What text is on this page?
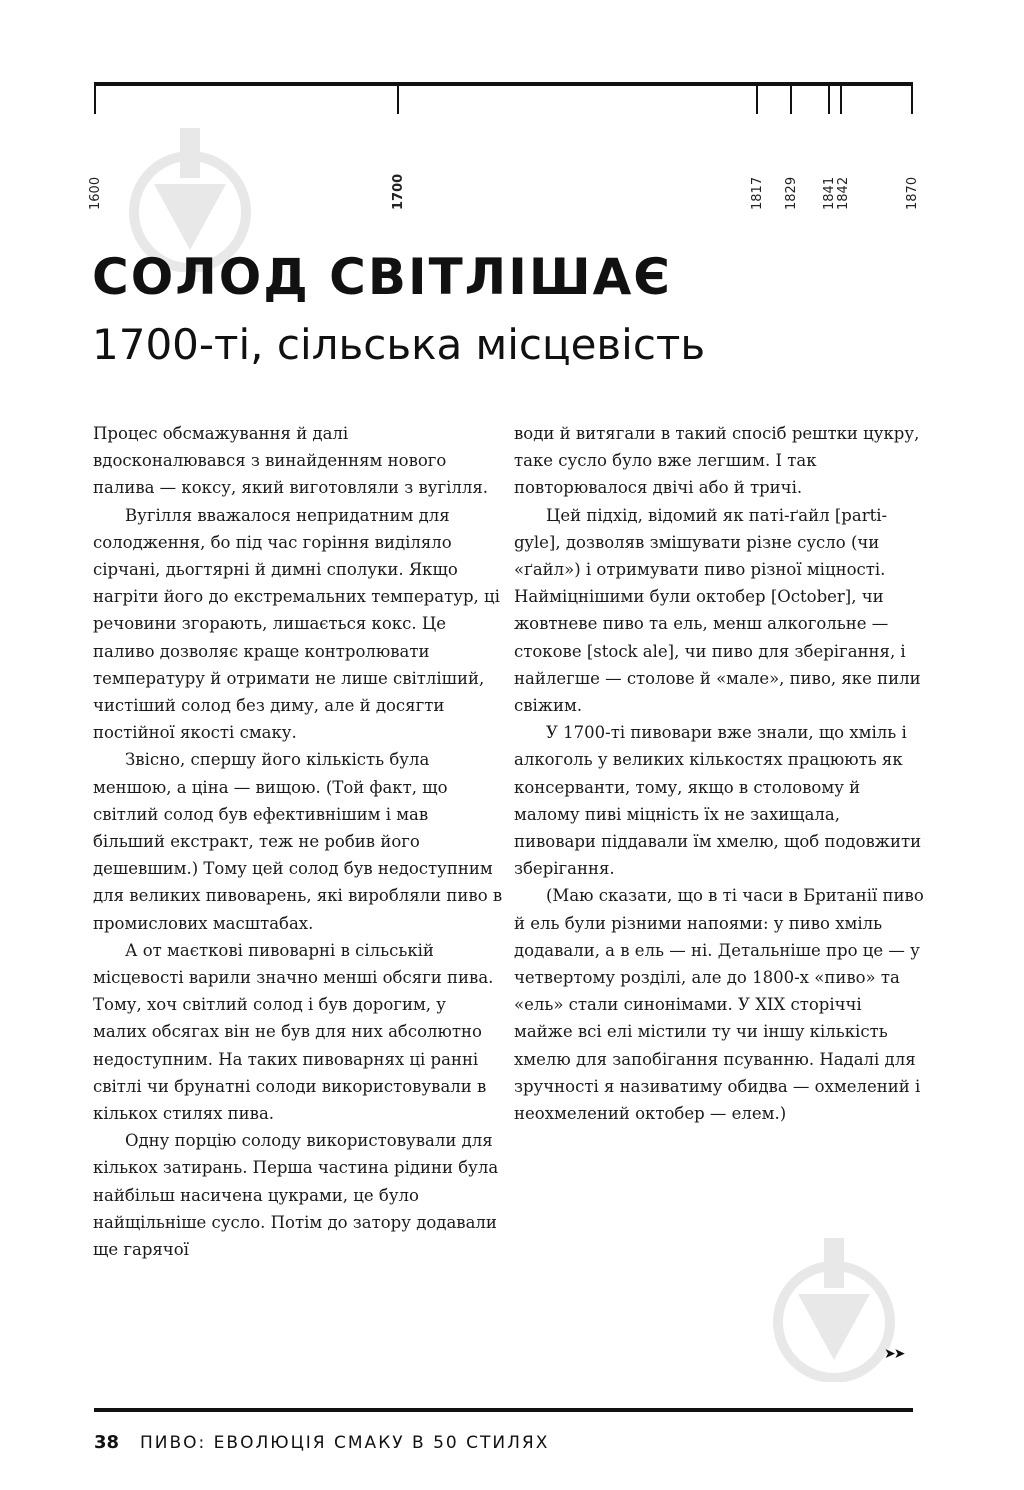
1600	1700	1817 1829 1841 1842	1870
СОЛОД СВІТЛІШАЄ
1700-ті, сільська місцевість

Процес обсмажування й далі вдосконалювався з винайденням нового палива — коксу, який виготовляли з вугілля.

Вугілля вважалося непридатним для солодження, бо під час горіння виділяло сірчані, дьогтярні й димні сполуки. Якщо нагріти його до екстремальних температур, ці речовини згорають, лишається кокс. Це паливо дозволяє краще контролювати температуру й отримати не лише світліший, чистіший солод без диму, але й досягти постійної якості смаку.

Звісно, спершу його кількість була меншою, а ціна — вищою. (Той факт, що світлий солод був ефективнішим і мав більший екстракт, теж не робив його дешевшим.) Тому цей солод був недоступним для великих пивоварень, які виробляли пиво в промислових масштабах.

А от маєткові пивоварні в сільській місцевості варили значно менші обсяги пива. Тому, хоч світлий солод і був дорогим, у малих обсягах він не був для них абсолютно недоступним. На таких пивоварнях ці ранні світлі чи брунатні солоди використовували в кількох стилях пива.

Одну порцію солоду використовували для кількох затирань. Перша частина рідини була найбільш насичена цукрами, це було найщільніше сусло. Потім до затору додавали ще гарячої

води й витягали в такий спосіб рештки цукру, таке сусло було вже легшим. І так повторювалося двічі або й тричі.

Цей підхід, відомий як паті-ґайл [parti-gyle], дозволяв змішувати різне сусло (чи «ґайл») і отримувати пиво різної міцності. Найміцнішими були октобер [October], чи жовтневе пиво та ель, менш алкогольне — стокове [stock ale], чи пиво для зберігання, і найлегше — столове й «мале», пиво, яке пили свіжим.

У 1700-ті пивовари вже знали, що хміль і алкоголь у великих кількостях працюють як консерванти, тому, якщо в столовому й малому пиві міцність їх не захищала, пивовари піддавали їм хмелю, щоб подовжити зберігання.

(Маю сказати, що в ті часи в Британії пиво й ель були різними напоями: у пиво хміль додавали, а в ель — ні. Детальніше про це — у четвертому розділі, але до 1800-х «пиво» та «ель» стали синонімами. У XIX сторіччі майже всі елі містили ту чи іншу кількість хмелю для запобігання псуванню. Надалі для зручності я називатиму обидва — охмелений і неохмелений октобер — елем.)

➤➤
38 ПИВО: ЕВОЛЮЦІЯ СМАКУ В 50 СТИЛЯХ
